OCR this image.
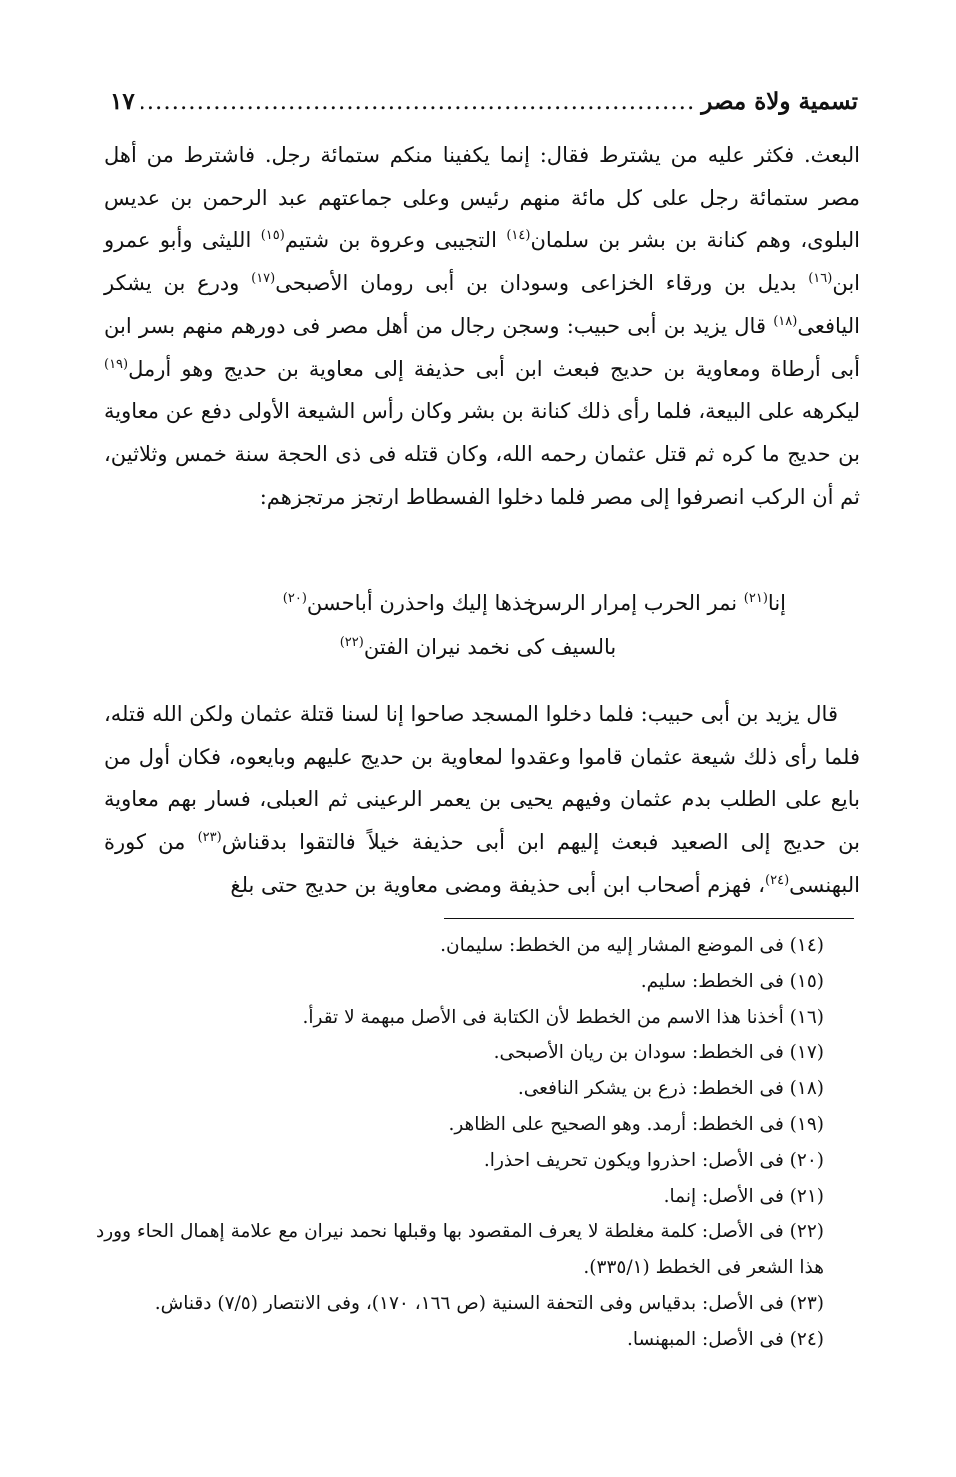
تسمية ولاة مصر
.....
١٧

البعث. فكثر عليه من يشترط فقال: إنما يكفينا منكم ستمائة رجل. فاشترط من أهل مصر ستمائة رجل على كل مائة منهم رئيس وعلى جماعتهم عبد الرحمن بن عديس البلوى، وهم كنانة بن بشر بن سلمان$^{(١٤)}$ التجيبى وعروة بن شتيم$^{(١٥)}$ الليثى وأبو عمرو ابن$^{(١٦)}$ بديل بن ورقاء الخزاعى وسودان بن أبى رومان الأصبحى$^{(١٧)}$ ودرع بن يشكر اليافعى$^{(١٨)}$ قال يزيد بن أبى حبيب: وسجن رجال من أهل مصر فى دورهم منهم بسر ابن أبى أرطاة ومعاوية بن حديج فبعث ابن أبى حذيفة إلى معاوية بن حديج وهو أرمل$^{(١٩)}$ ليكرهه على البيعة، فلما رأى ذلك كنانة بن بشر وكان رأس الشيعة الأولى دفع عن معاوية بن حديج ما كره ثم قتل عثمان رحمه الله، وكان قتله فى ذى الحجة سنة خمس وثلاثين، ثم أن الركب انصرفوا إلى مصر فلما دخلوا الفسطاط ارتجز مرتجزهم:

خذها إليك واحذرن أباحسن$^{(٢٠)}$	إنا$^{(٢١)}$ نمر الحرب إمرار الرسن
بالسيف كى نخمد نيران الفتن$^{(٢٢)}$

قال يزيد بن أبى حبيب: فلما دخلوا المسجد صاحوا إنا لسنا قتلة عثمان ولكن الله قتله، فلما رأى ذلك شيعة عثمان قاموا وعقدوا لمعاوية بن حديج عليهم وبايعوه، فكان أول من بايع على الطلب بدم عثمان وفيهم يحيى بن يعمر الرعينى ثم العبلى، فسار بهم معاوية بن حديج إلى الصعيد فبعث إليهم ابن أبى حذيفة خيلاً فالتقوا بدقناش$^{(٢٣)}$ من كورة البهنسى$^{(٢٤)}$، فهزم أصحاب ابن أبى حذيفة ومضى معاوية بن حديج حتى بلغ

(١٤) فى الموضع المشار إليه من الخطط: سليمان.
(١٥) فى الخطط: سليم.
(١٦) أخذنا هذا الاسم من الخطط لأن الكتابة فى الأصل مبهمة لا تقرأ.
(١٧) فى الخطط: سودان بن ريان الأصبحى.
(١٨) فى الخطط: ذرع بن يشكر النافعى.
(١٩) فى الخطط: أرمد. وهو الصحيح على الظاهر.
(٢٠) فى الأصل: احذروا ويكون تحريف احذرا.
(٢١) فى الأصل: إنما.
(٢٢) فى الأصل: كلمة مغلطة لا يعرف المقصود بها وقبلها نحمد نيران مع علامة إهمال الحاء وورد هذا الشعر فى الخطط (٣٣٥/١).
(٢٣) فى الأصل: بدقياس وفى التحفة السنية (ص ١٦٦، ١٧٠)، وفى الانتصار (٧/٥) دقناش.
(٢٤) فى الأصل: المبهنسا.
